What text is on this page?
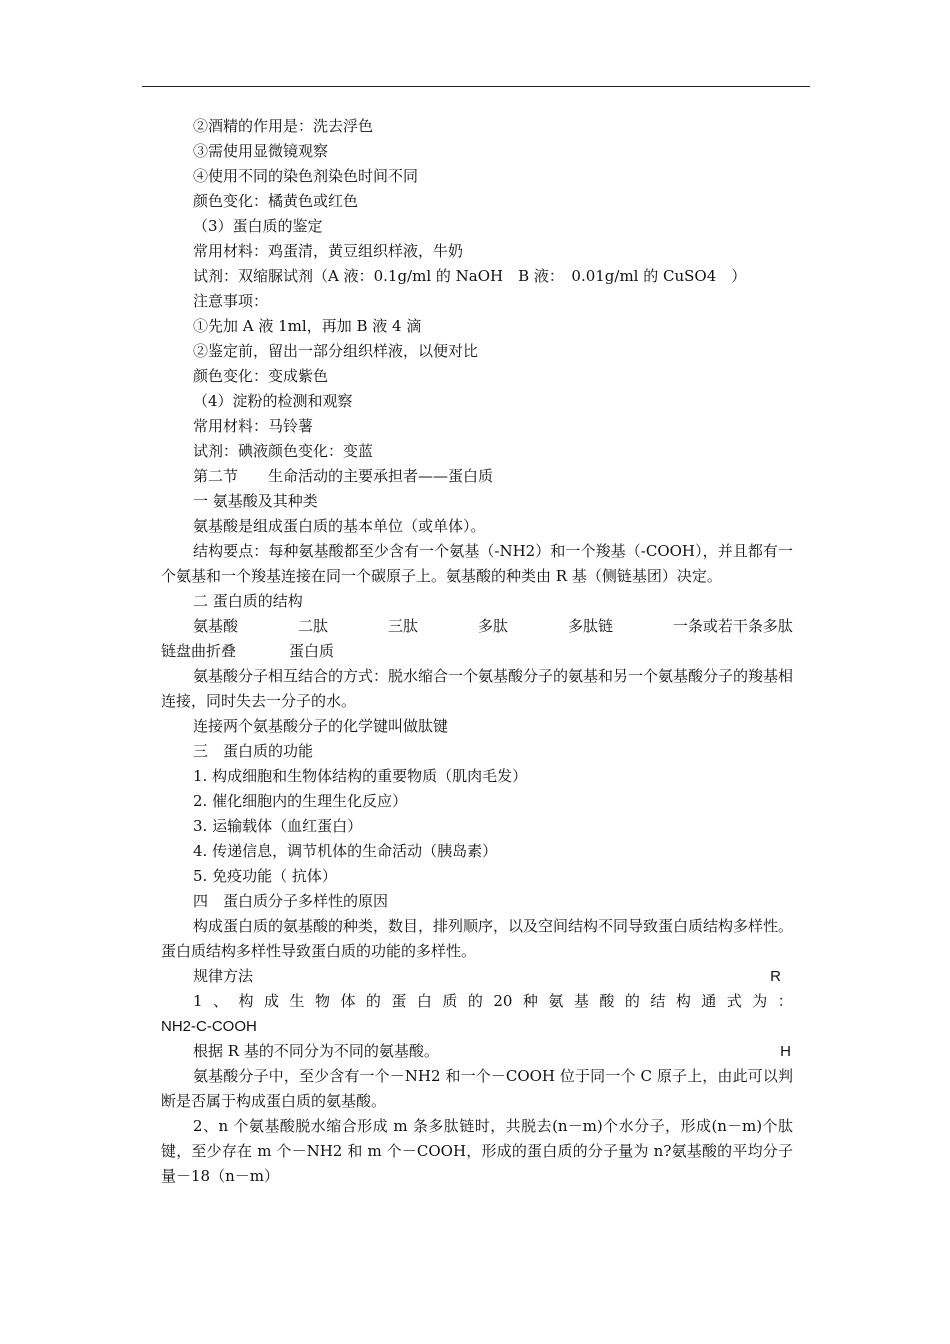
②酒精的作用是：洗去浮色
③需使用显微镜观察
④使用不同的染色剂染色时间不同
颜色变化：橘黄色或红色
（3）蛋白质的鉴定
常用材料：鸡蛋清，黄豆组织样液，牛奶
试剂：双缩脲试剂（A 液：0.1g/ml 的 NaOH　B 液：　0.01g/ml 的 CuSO4　）
注意事项：
①先加 A 液 1ml，再加 B 液 4 滴
②鉴定前，留出一部分组织样液，以便对比
颜色变化：变成紫色
（4）淀粉的检测和观察
常用材料：马铃薯
试剂：碘液颜色变化：变蓝
第二节　　生命活动的主要承担者——蛋白质
一 氨基酸及其种类
氨基酸是组成蛋白质的基本单位（或单体）。
结构要点：每种氨基酸都至少含有一个氨基（-NH2）和一个羧基（-COOH），并且都有一个氨基和一个羧基连接在同一个碳原子上。氨基酸的种类由 R 基（侧链基团）决定。
二 蛋白质的结构
氨基酸	二肽	三肽	多肽	多肽链	一条或若干条多肽
链盘曲折叠	蛋白质
氨基酸分子相互结合的方式：脱水缩合一个氨基酸分子的氨基和另一个氨基酸分子的羧基相连接，同时失去一分子的水。
连接两个氨基酸分子的化学键叫做肽键
三　蛋白质的功能
1. 构成细胞和生物体结构的重要物质（肌肉毛发）
2. 催化细胞内的生理生化反应）
3. 运输载体（血红蛋白）
4. 传递信息，调节机体的生命活动（胰岛素）
5. 免疫功能（ 抗体）
四　蛋白质分子多样性的原因
构成蛋白质的氨基酸的种类，数目，排列顺序，以及空间结构不同导致蛋白质结构多样性。蛋白质结构多样性导致蛋白质的功能的多样性。
规律方法	R
1 、 构 成 生 物 体 的 蛋 白 质 的 20 种 氨 基 酸 的 结 构 通 式 为 ：
NH2-C-COOH
根据 R 基的不同分为不同的氨基酸。	H
氨基酸分子中，至少含有一个－NH2 和一个－COOH 位于同一个 C 原子上，由此可以判断是否属于构成蛋白质的氨基酸。
2、n 个氨基酸脱水缩合形成 m 条多肽链时，共脱去(n－m)个水分子，形成(n－m)个肽键，至少存在 m 个－NH2 和 m 个－COOH，形成的蛋白质的分子量为 n?氨基酸的平均分子量－18（n－m）
